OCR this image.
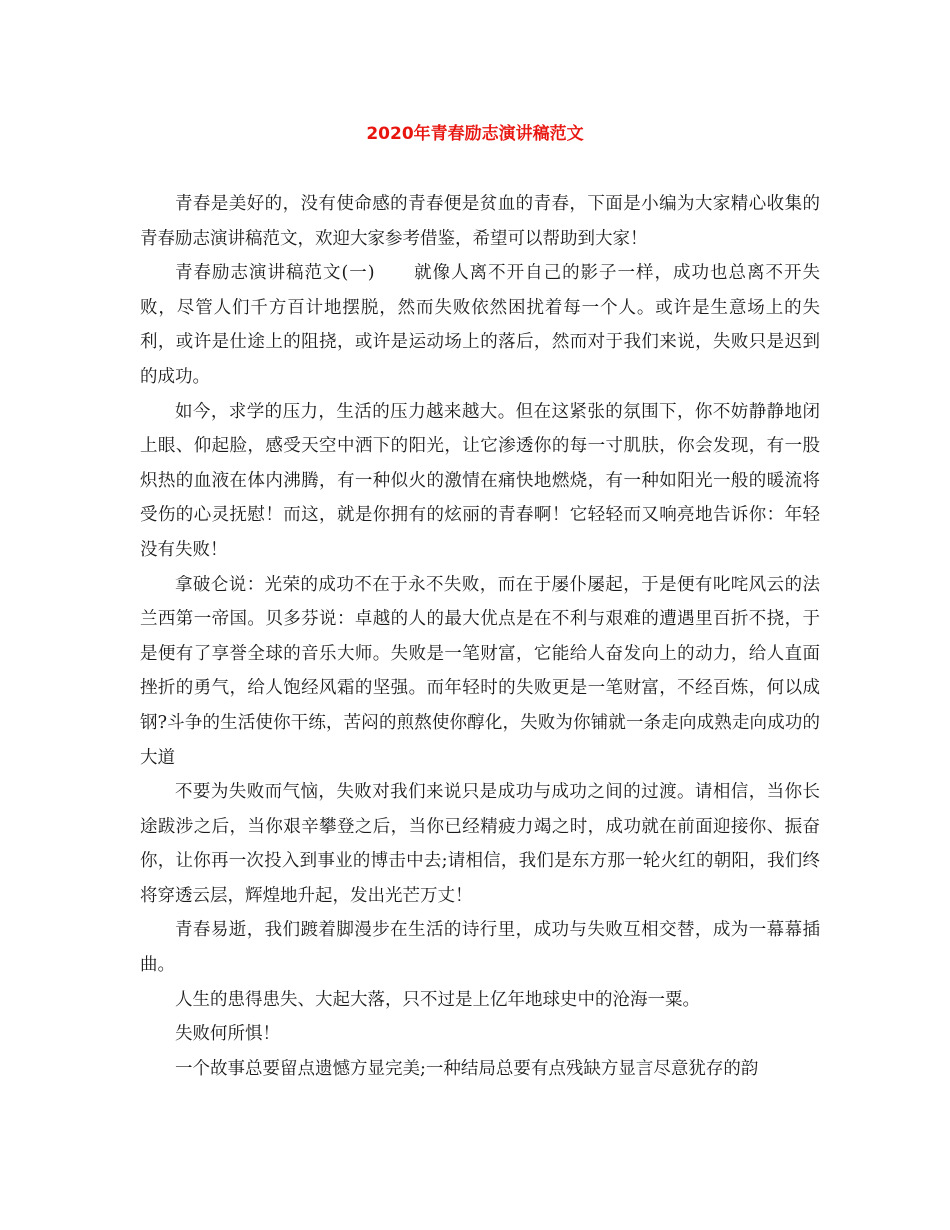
2020年青春励志演讲稿范文

青春是美好的，没有使命感的青春便是贫血的青春，下面是小编为大家精心收集的青春励志演讲稿范文，欢迎大家参考借鉴，希望可以帮助到大家！

青春励志演讲稿范文(一) 就像人离不开自己的影子一样，成功也总离不开失败，尽管人们千方百计地摆脱，然而失败依然困扰着每一个人。或许是生意场上的失利，或许是仕途上的阻挠，或许是运动场上的落后，然而对于我们来说，失败只是迟到的成功。

如今，求学的压力，生活的压力越来越大。但在这紧张的氛围下，你不妨静静地闭上眼、仰起脸，感受天空中洒下的阳光，让它渗透你的每一寸肌肤，你会发现，有一股炽热的血液在体内沸腾，有一种似火的激情在痛快地燃烧，有一种如阳光一般的暖流将受伤的心灵抚慰！而这，就是你拥有的炫丽的青春啊！它轻轻而又响亮地告诉你：年轻没有失败！

拿破仑说：光荣的成功不在于永不失败，而在于屡仆屡起，于是便有叱咤风云的法兰西第一帝国。贝多芬说：卓越的人的最大优点是在不利与艰难的遭遇里百折不挠，于是便有了享誉全球的音乐大师。失败是一笔财富，它能给人奋发向上的动力，给人直面挫折的勇气，给人饱经风霜的坚强。而年轻时的失败更是一笔财富，不经百炼，何以成钢?斗争的生活使你干练，苦闷的煎熬使你醇化，失败为你铺就一条走向成熟走向成功的大道

不要为失败而气恼，失败对我们来说只是成功与成功之间的过渡。请相信，当你长途跋涉之后，当你艰辛攀登之后，当你已经精疲力竭之时，成功就在前面迎接你、振奋你，让你再一次投入到事业的博击中去;请相信，我们是东方那一轮火红的朝阳，我们终将穿透云层，辉煌地升起，发出光芒万丈！

青春易逝，我们踱着脚漫步在生活的诗行里，成功与失败互相交替，成为一幕幕插曲。

人生的患得患失、大起大落，只不过是上亿年地球史中的沧海一粟。

失败何所惧！

一个故事总要留点遗憾方显完美;一种结局总要有点残缺方显言尽意犹存的韵
